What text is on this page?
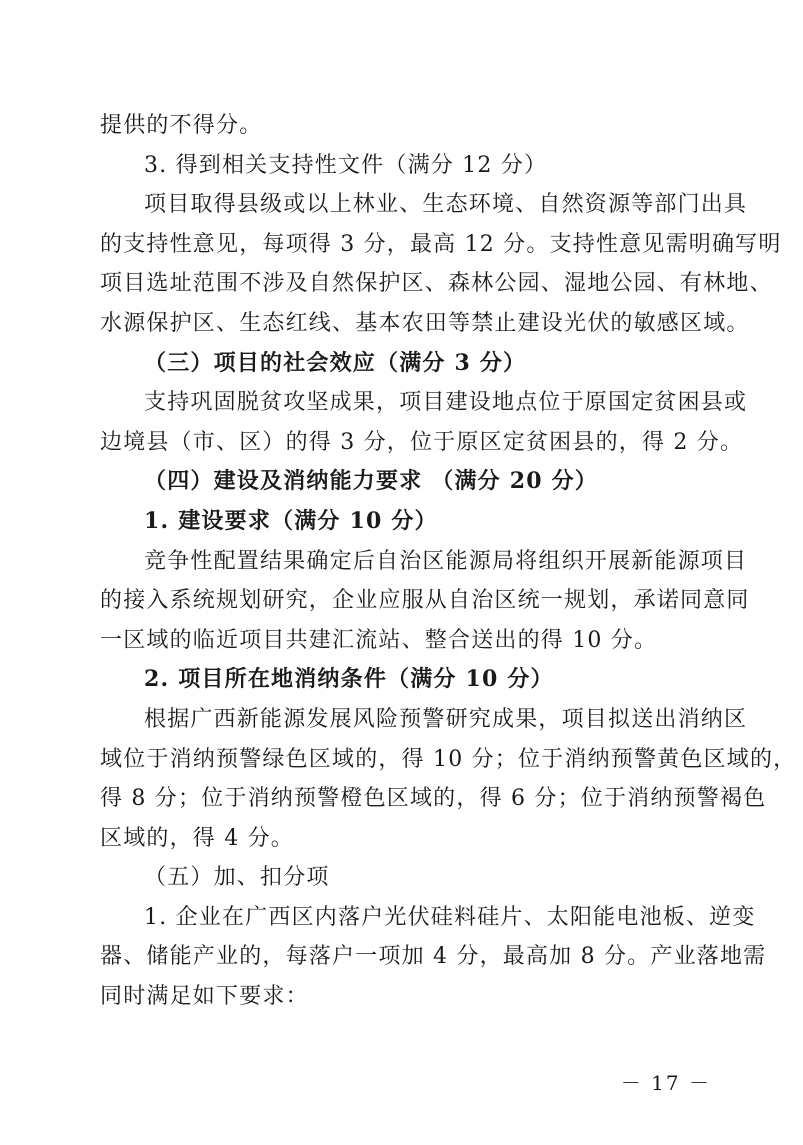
提供的不得分。

3. 得到相关支持性文件（满分 12 分）

项目取得县级或以上林业、生态环境、自然资源等部门出具

的支持性意见，每项得 3 分，最高 12 分。支持性意见需明确写明

项目选址范围不涉及自然保护区、森林公园、湿地公园、有林地、

水源保护区、生态红线、基本农田等禁止建设光伏的敏感区域。

（三）项目的社会效应（满分 3 分）

支持巩固脱贫攻坚成果，项目建设地点位于原国定贫困县或

边境县（市、区）的得 3 分，位于原区定贫困县的，得 2 分。

（四）建设及消纳能力要求 （满分 20 分）

1. 建设要求（满分 10 分）

竞争性配置结果确定后自治区能源局将组织开展新能源项目

的接入系统规划研究，企业应服从自治区统一规划，承诺同意同

一区域的临近项目共建汇流站、整合送出的得 10 分。

2. 项目所在地消纳条件（满分 10 分）

根据广西新能源发展风险预警研究成果，项目拟送出消纳区

域位于消纳预警绿色区域的，得 10 分；位于消纳预警黄色区域的，

得 8 分；位于消纳预警橙色区域的，得 6 分；位于消纳预警褐色

区域的，得 4 分。

（五）加、扣分项

1. 企业在广西区内落户光伏硅料硅片、太阳能电池板、逆变

器、储能产业的，每落户一项加 4 分，最高加 8 分。产业落地需

同时满足如下要求：

－ 17 －
